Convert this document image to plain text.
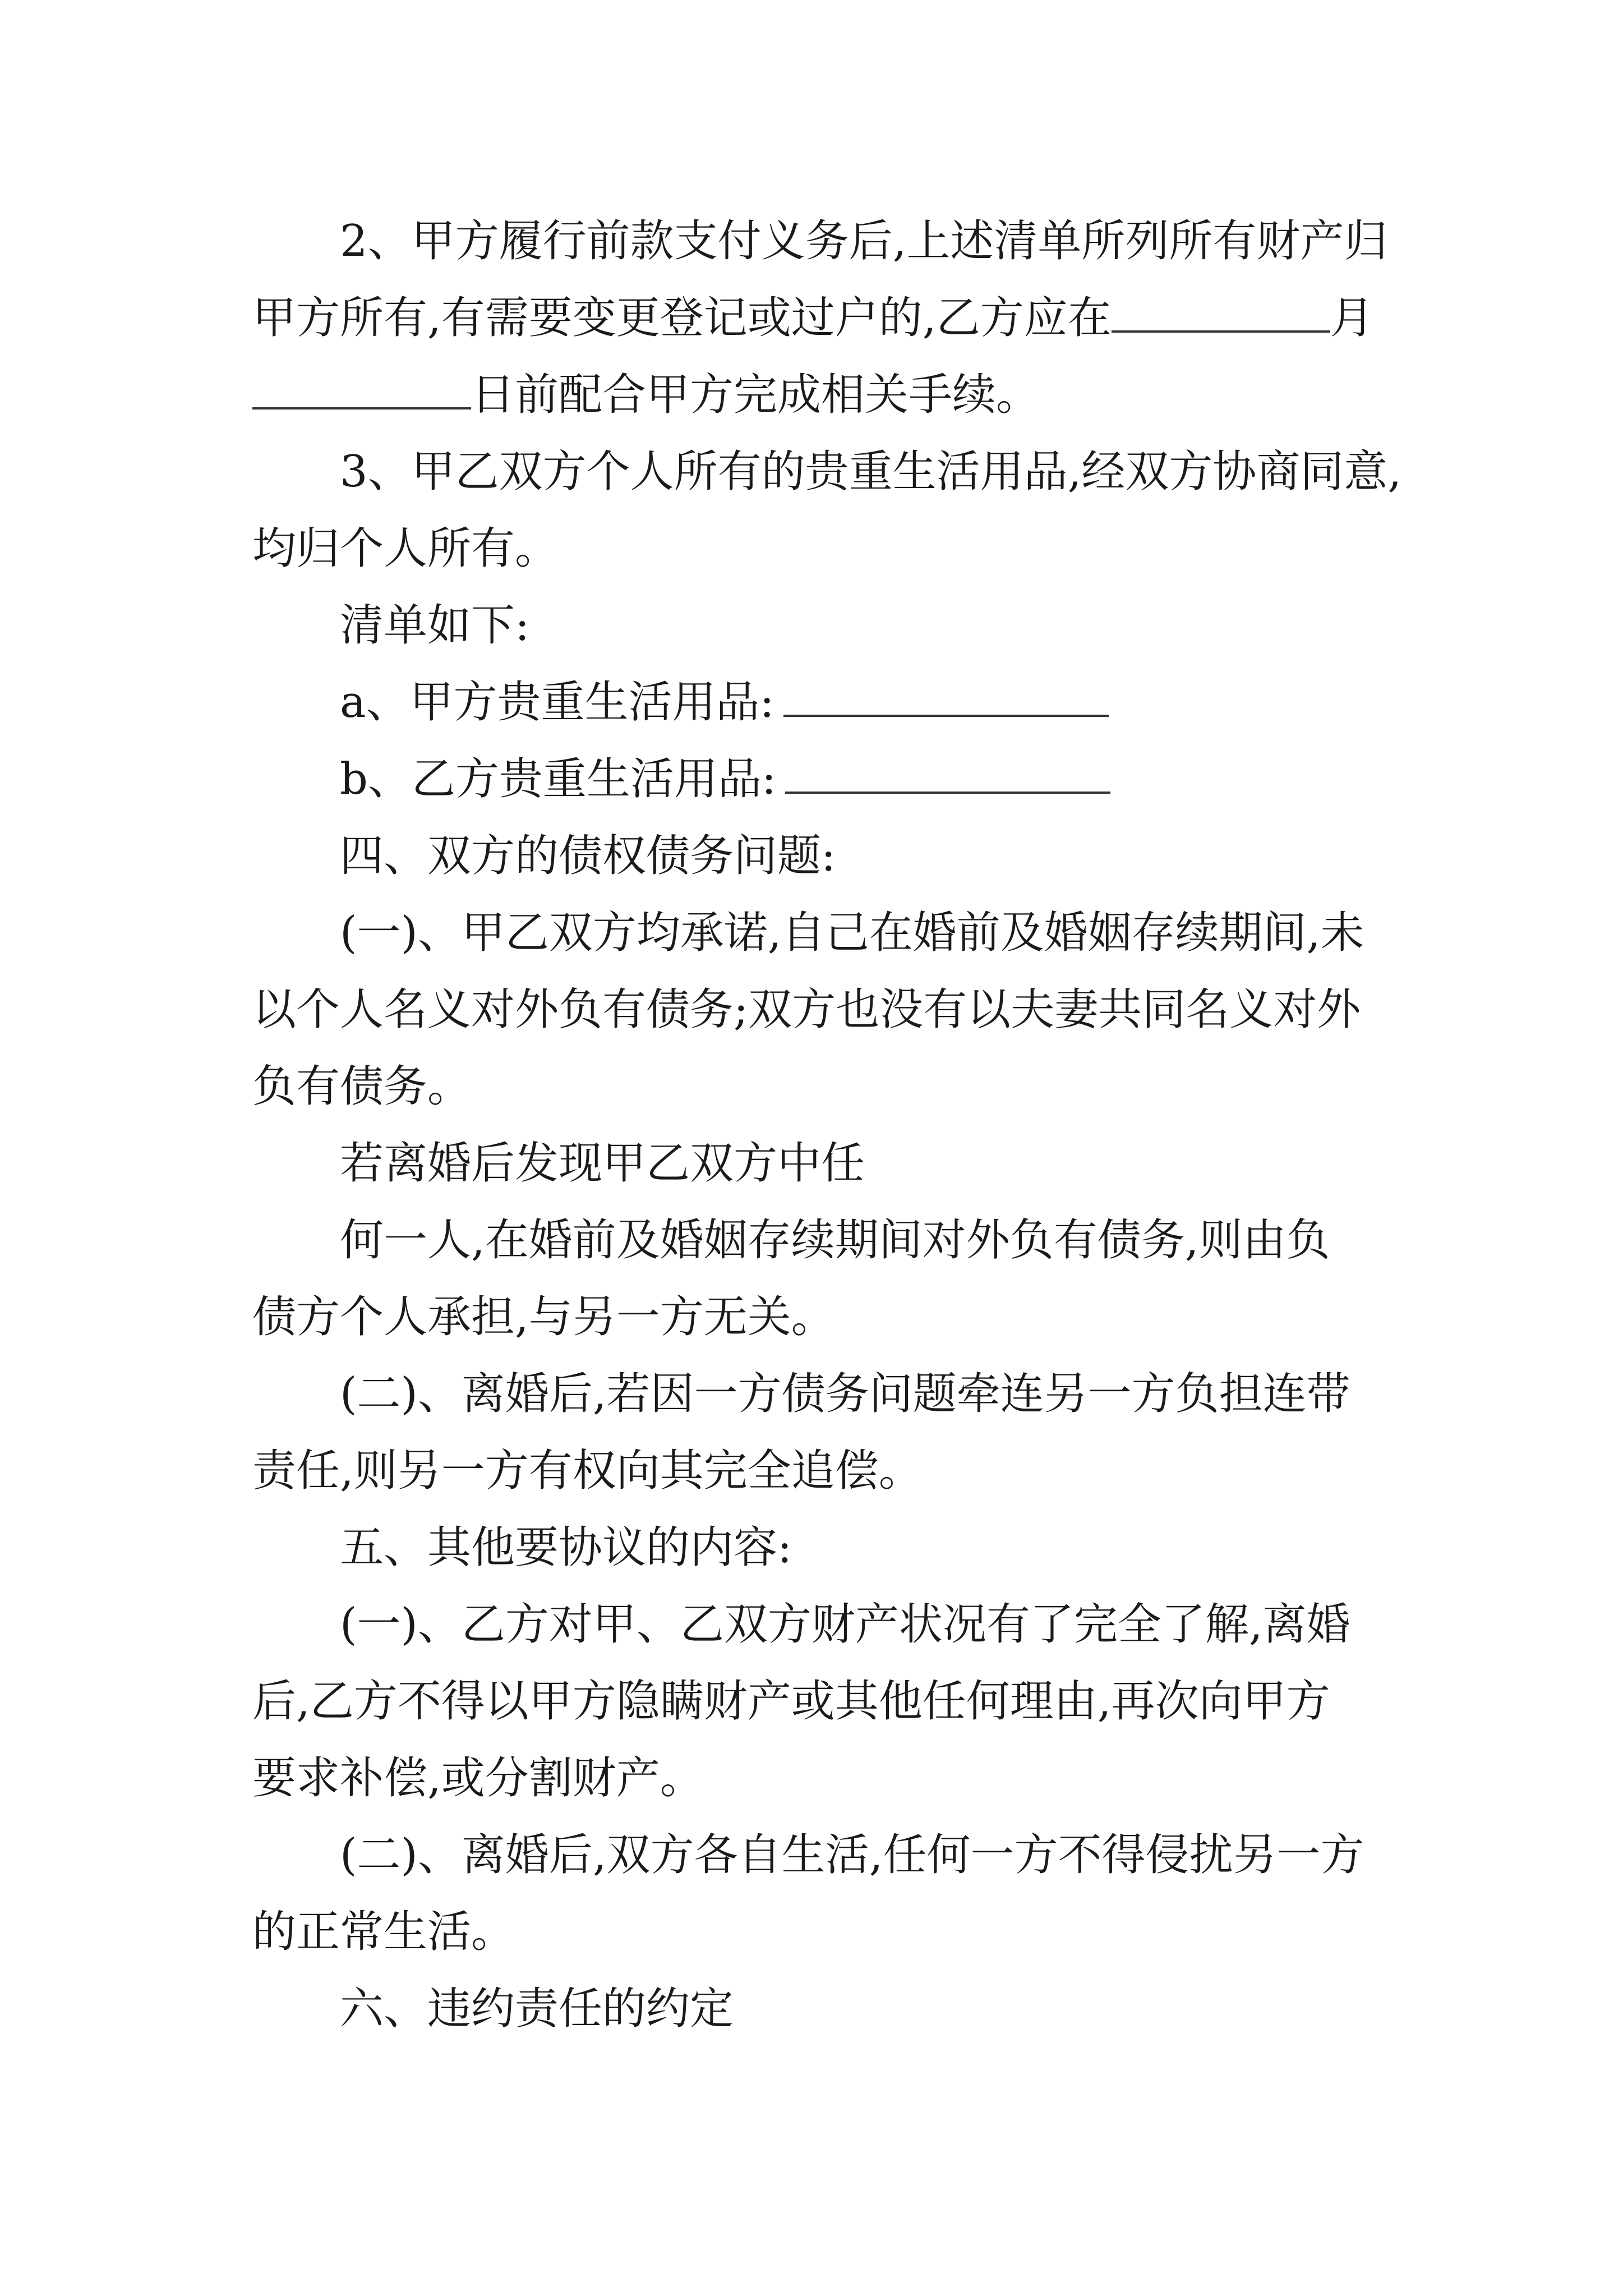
2、甲方履行前款支付义务后,上述清单所列所有财产归
甲方所有,有需要变更登记或过户的,乙方应在	月
日前配合甲方完成相关手续。
3、甲乙双方个人所有的贵重生活用品,经双方协商同意,
均归个人所有。
清单如下:
a、甲方贵重生活用品:
b、乙方贵重生活用品:
四、双方的债权债务问题:
(一)、甲乙双方均承诺,自己在婚前及婚姻存续期间,未
以个人名义对外负有债务;双方也没有以夫妻共同名义对外
负有债务。
若离婚后发现甲乙双方中任
何一人,在婚前及婚姻存续期间对外负有债务,则由负
债方个人承担,与另一方无关。
(二)、离婚后,若因一方债务问题牵连另一方负担连带
责任,则另一方有权向其完全追偿。
五、其他要协议的内容:
(一)、乙方对甲、乙双方财产状况有了完全了解,离婚
后,乙方不得以甲方隐瞒财产或其他任何理由,再次向甲方
要求补偿,或分割财产。
(二)、离婚后,双方各自生活,任何一方不得侵扰另一方
的正常生活。
六、违约责任的约定
